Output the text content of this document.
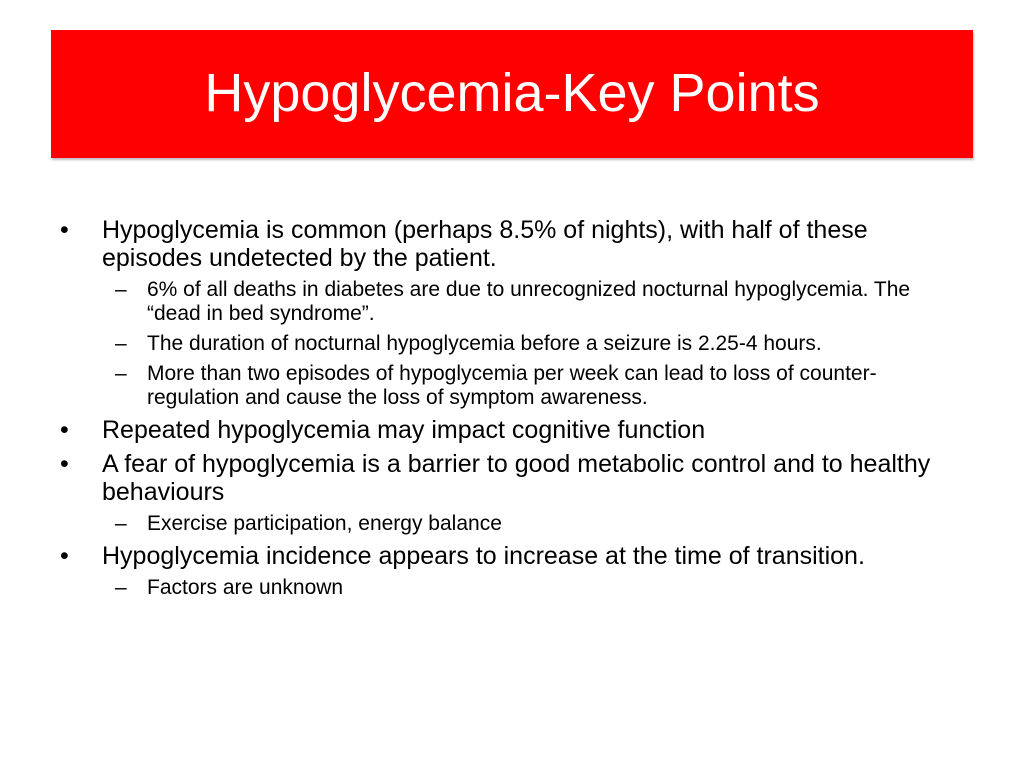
Hypoglycemia-Key Points
• Hypoglycemia is common (perhaps 8.5% of nights), with half of these episodes undetected by the patient.
– 6% of all deaths in diabetes are due to unrecognized nocturnal hypoglycemia. The “dead in bed syndrome”.
– The duration of nocturnal hypoglycemia before a seizure is 2.25-4 hours.
– More than two episodes of hypoglycemia per week can lead to loss of counter-regulation and cause the loss of symptom awareness.
• Repeated hypoglycemia may impact cognitive function
• A fear of hypoglycemia is a barrier to good metabolic control and to healthy behaviours
– Exercise participation, energy balance
• Hypoglycemia incidence appears to increase at the time of transition.
– Factors are unknown
